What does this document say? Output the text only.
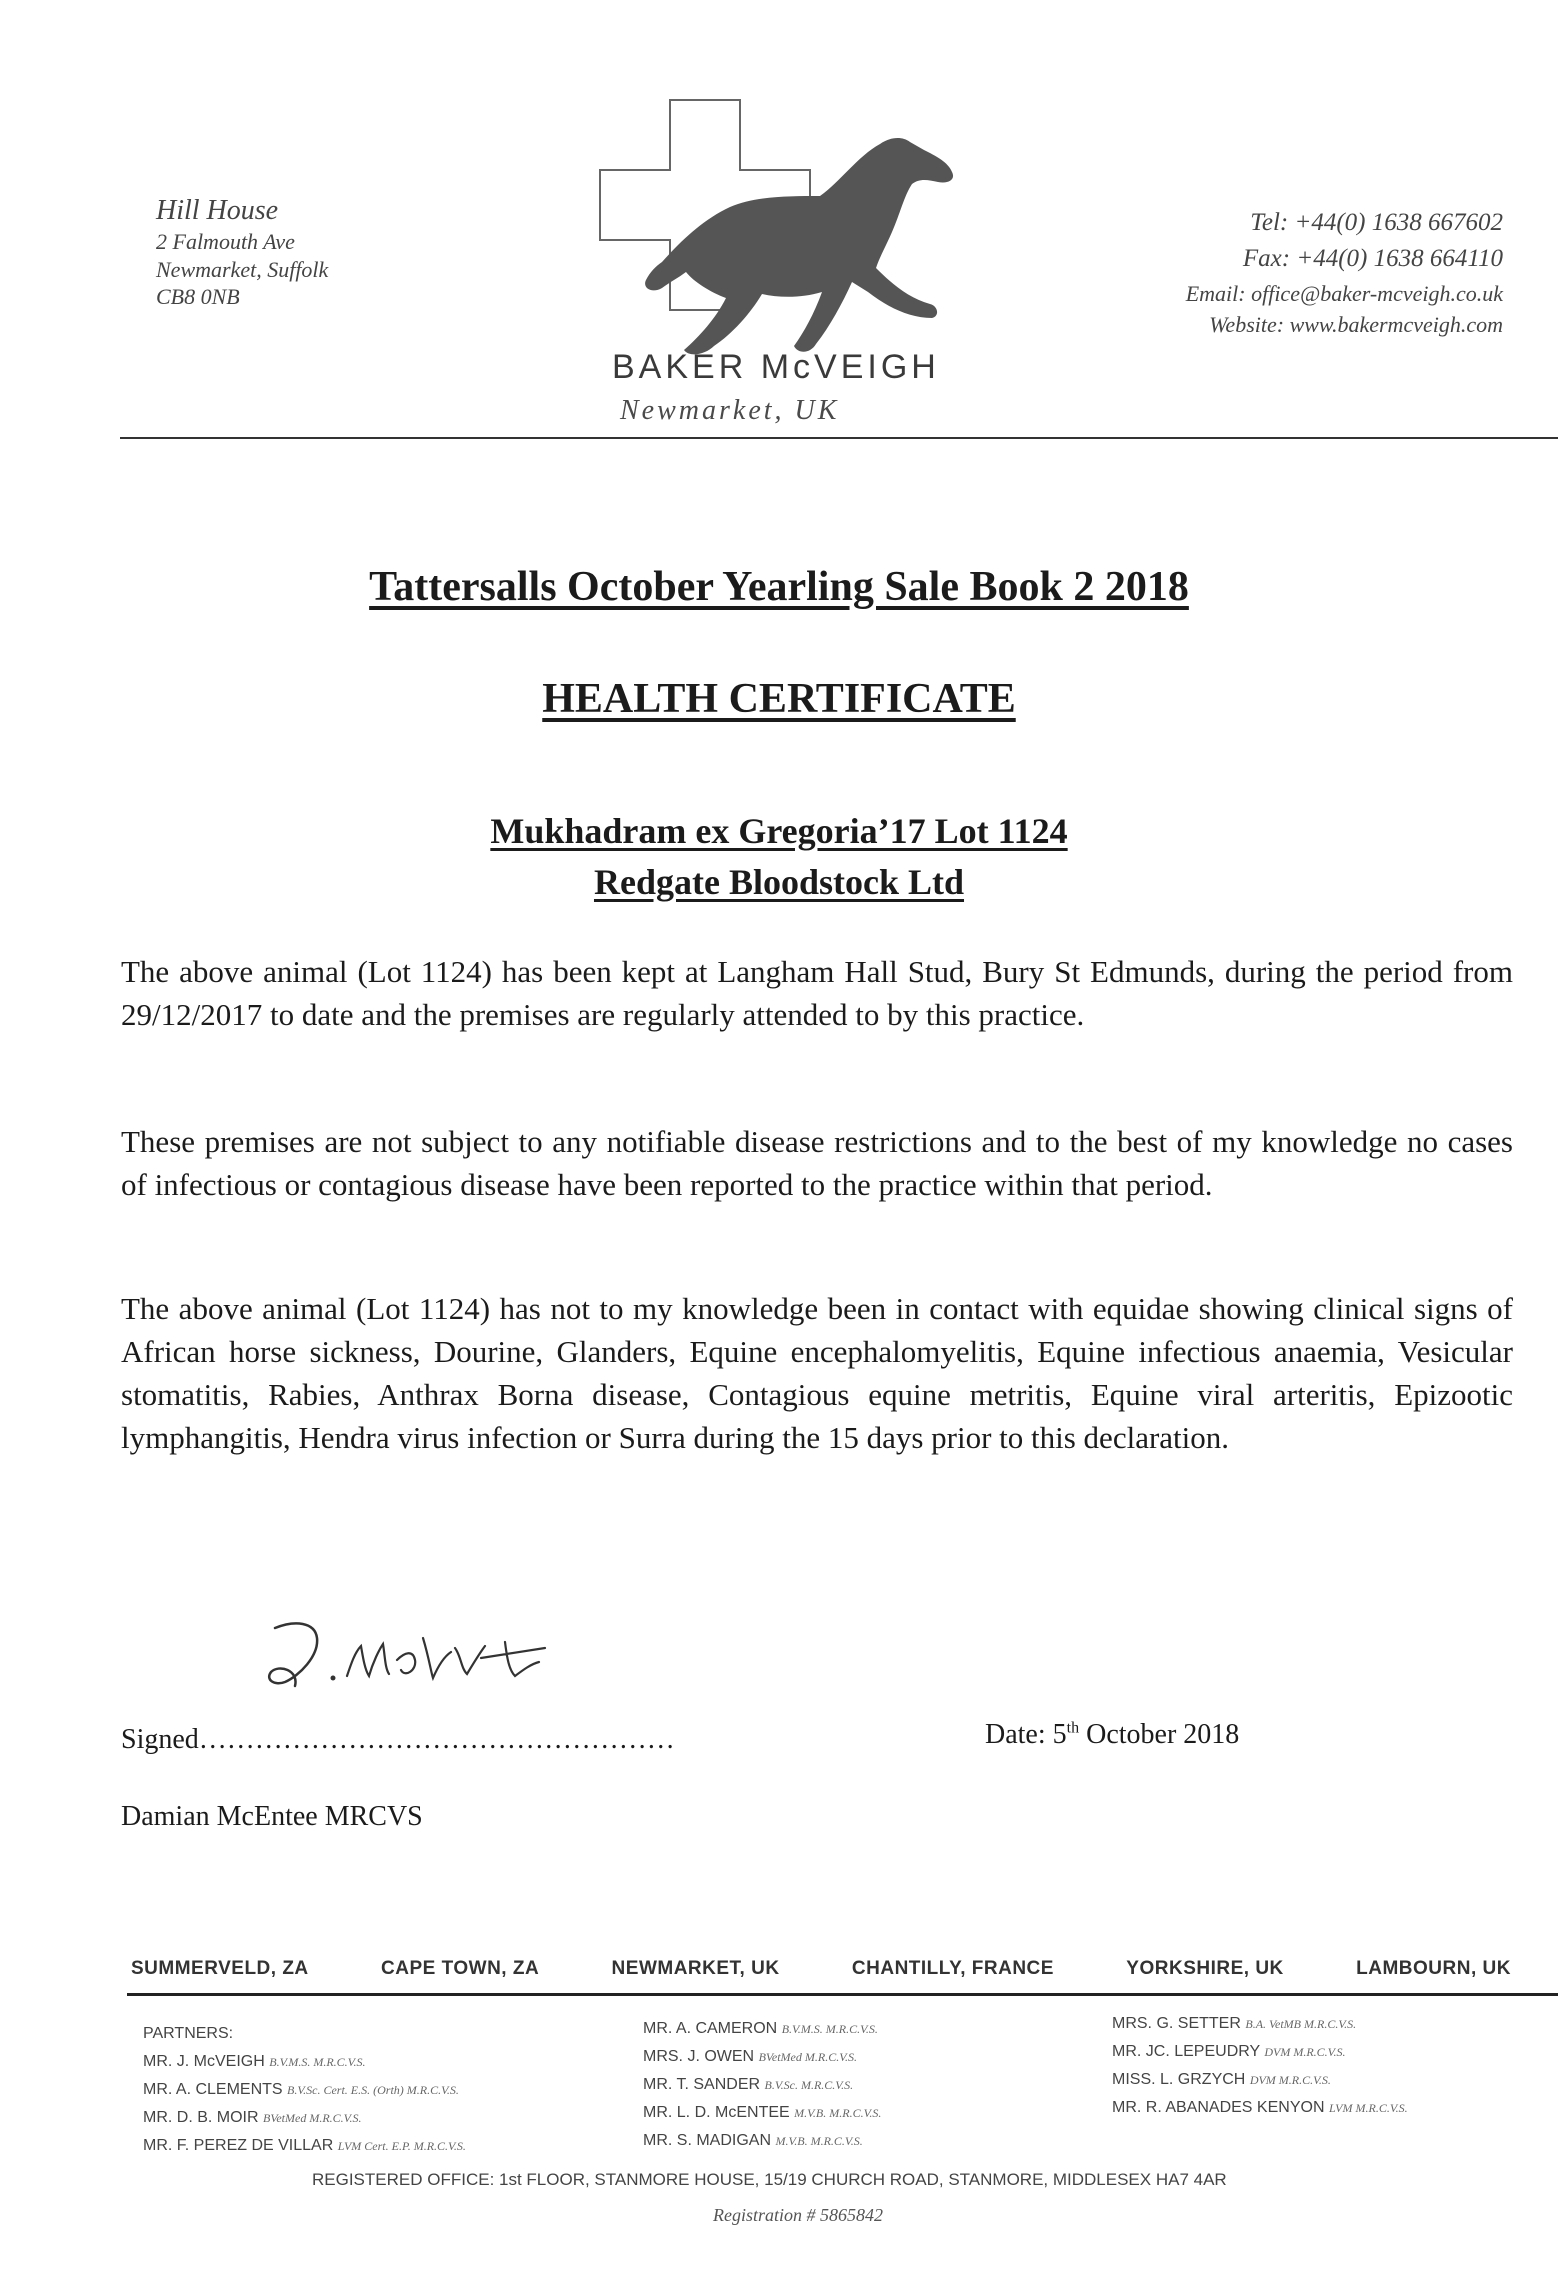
Hill House
2 Falmouth Ave
Newmarket, Suffolk
CB8 0NB
BAKER McVEIGH
Newmarket, UK
Tel: +44(0) 1638 667602
Fax: +44(0) 1638 664110
Email: office@baker-mcveigh.co.uk
Website: www.bakermcveigh.com
Tattersalls October Yearling Sale Book 2 2018
HEALTH CERTIFICATE
Mukhadram ex Gregoria’17 Lot 1124
Redgate Bloodstock Ltd
The above animal (Lot 1124) has been kept at Langham Hall Stud, Bury St Edmunds, during the period from 29/12/2017 to date and the premises are regularly attended to by this practice.
These premises are not subject to any notifiable disease restrictions and to the best of my knowledge no cases of infectious or contagious disease have been reported to the practice within that period.
The above animal (Lot 1124) has not to my knowledge been in contact with equidae showing clinical signs of African horse sickness, Dourine, Glanders, Equine encephalomyelitis, Equine infectious anaemia, Vesicular stomatitis, Rabies, Anthrax Borna disease, Contagious equine metritis, Equine viral arteritis, Epizootic lymphangitis, Hendra virus infection or Surra during the 15 days prior to this declaration.
Signed……………………………………………	Date: 5th October 2018
Damian McEntee MRCVS
SUMMERVELD, ZA	CAPE TOWN, ZA	NEWMARKET, UK	CHANTILLY, FRANCE	YORKSHIRE, UK	LAMBOURN, UK
PARTNERS:
MR. J. McVEIGH B.V.M.S. M.R.C.V.S.
MR. A. CLEMENTS B.V.Sc. Cert. E.S. (Orth) M.R.C.V.S.
MR. D. B. MOIR BVetMed M.R.C.V.S.
MR. F. PEREZ DE VILLAR LVM Cert. E.P. M.R.C.V.S.
MR. A. CAMERON B.V.M.S. M.R.C.V.S.
MRS. J. OWEN BVetMed M.R.C.V.S.
MR. T. SANDER B.V.Sc. M.R.C.V.S.
MR. L. D. McENTEE M.V.B. M.R.C.V.S.
MR. S. MADIGAN M.V.B. M.R.C.V.S.
MRS. G. SETTER B.A. VetMB M.R.C.V.S.
MR. JC. LEPEUDRY DVM M.R.C.V.S.
MISS. L. GRZYCH DVM M.R.C.V.S.
MR. R. ABANADES KENYON LVM M.R.C.V.S.
REGISTERED OFFICE: 1st FLOOR, STANMORE HOUSE, 15/19 CHURCH ROAD, STANMORE, MIDDLESEX HA7 4AR
Registration # 5865842
